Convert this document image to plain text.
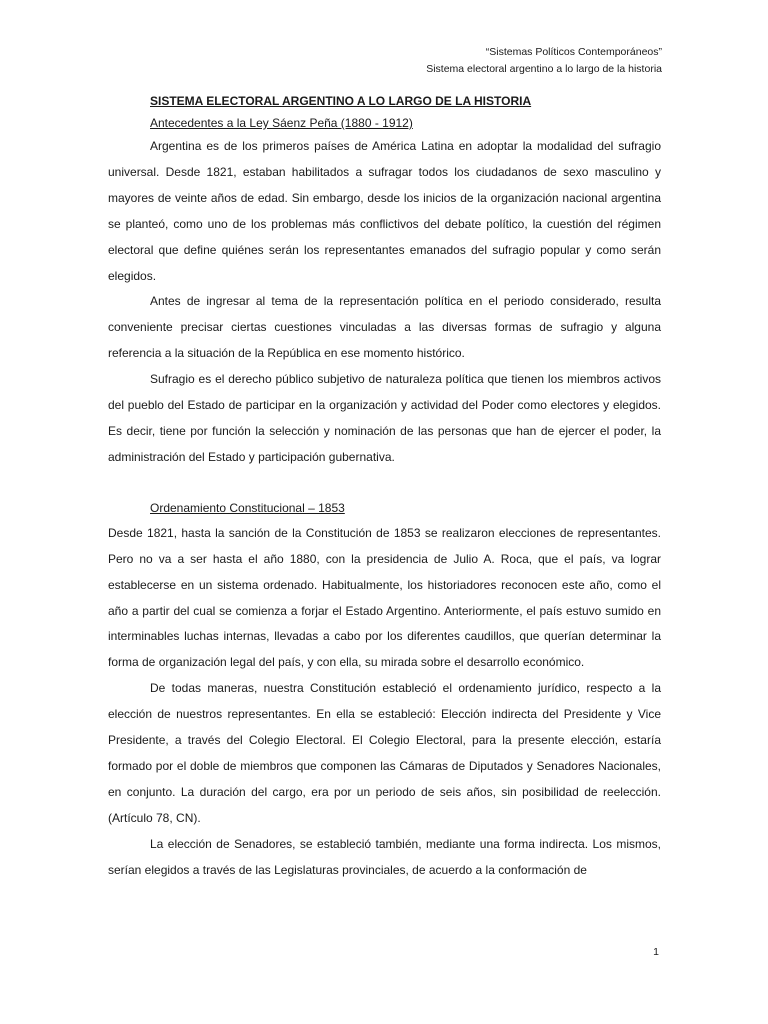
“Sistemas Políticos Contemporáneos”
Sistema electoral argentino a lo largo de la historia
SISTEMA ELECTORAL ARGENTINO A LO LARGO DE LA HISTORIA
Antecedentes a la Ley Sáenz Peña (1880 - 1912)

Argentina es de los primeros países de América Latina en adoptar la modalidad del sufragio universal. Desde 1821, estaban habilitados a sufragar todos los ciudadanos de sexo masculino y mayores de veinte años de edad. Sin embargo, desde los inicios de la organización nacional argentina se planteó, como uno de los problemas más conflictivos del debate político, la cuestión del régimen electoral que define quiénes serán los representantes emanados del sufragio popular y como serán elegidos.

Antes de ingresar al tema de la representación política en el periodo considerado, resulta conveniente precisar ciertas cuestiones vinculadas a las diversas formas de sufragio y alguna referencia a la situación de la República en ese momento histórico.

Sufragio es el derecho público subjetivo de naturaleza política que tienen los miembros activos del pueblo del Estado de participar en la organización y actividad del Poder como electores y elegidos. Es decir, tiene por función la selección y nominación de las personas que han de ejercer el poder, la administración del Estado y participación gubernativa.

Ordenamiento Constitucional – 1853

Desde 1821, hasta la sanción de la Constitución de 1853 se realizaron elecciones de representantes. Pero no va a ser hasta el año 1880, con la presidencia de Julio A. Roca, que el país, va lograr establecerse en un sistema ordenado. Habitualmente, los historiadores reconocen este año, como el año a partir del cual se comienza a forjar el Estado Argentino. Anteriormente, el país estuvo sumido en interminables luchas internas, llevadas a cabo por los diferentes caudillos, que querían determinar la forma de organización legal del país, y con ella, su mirada sobre el desarrollo económico.

De todas maneras, nuestra Constitución estableció el ordenamiento jurídico, respecto a la elección de nuestros representantes. En ella se estableció: Elección indirecta del Presidente y Vice Presidente, a través del Colegio Electoral. El Colegio Electoral, para la presente elección, estaría formado por el doble de miembros que componen las Cámaras de Diputados y Senadores Nacionales, en conjunto. La duración del cargo, era por un periodo de seis años, sin posibilidad de reelección. (Artículo 78, CN).

La elección de Senadores, se estableció también, mediante una forma indirecta. Los mismos, serían elegidos a través de las Legislaturas provinciales, de acuerdo a la conformación de

1
